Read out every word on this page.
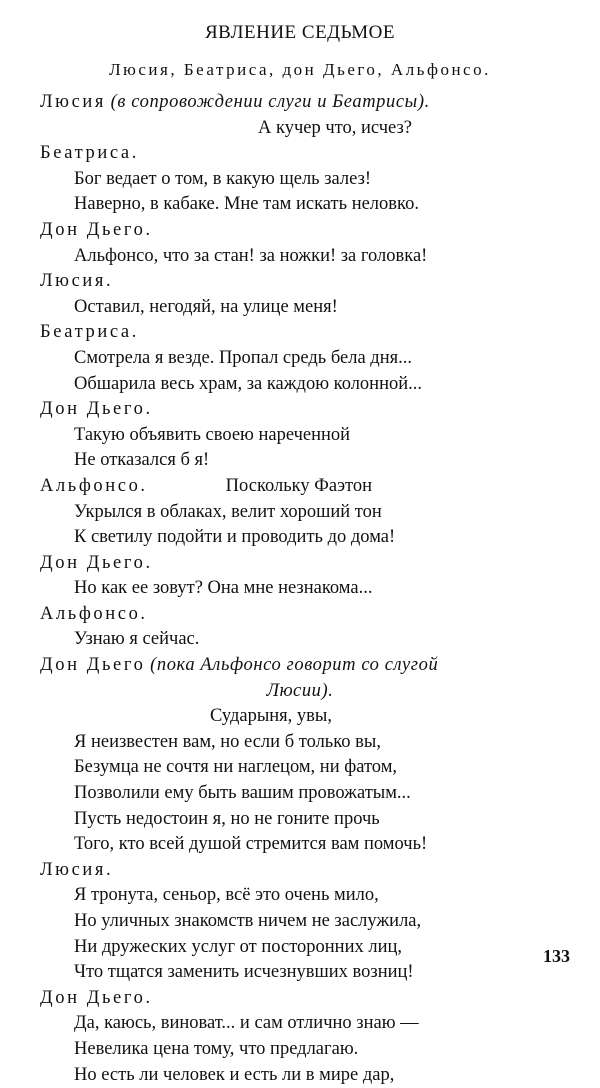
ЯВЛЕНИЕ СЕДЬМОЕ
Люсия, Беатриса, дон Дьего, Альфонсо.
Люсия (в сопровождении слуги и Беатрисы).
А кучер что, исчез?
Беатриса.
Бог ведает о том, в какую щель залез!
Наверно, в кабаке. Мне там искать неловко.
Дон Дьего.
Альфонсо, что за стан! за ножки! за головка!
Люсия.
Оставил, негодяй, на улице меня!
Беатриса.
Смотрела я везде. Пропал средь бела дня...
Обшарила весь храм, за каждою колонной...
Дон Дьего.
Такую объявить своею нареченной
Не отказался б я!
Альфонсо.	Поскольку Фаэтон
Укрылся в облаках, велит хороший тон
К светилу подойти и проводить до дома!
Дон Дьего.
Но как ее зовут? Она мне незнакома...
Альфонсо.
Узнаю я сейчас.
Дон Дьего (пока Альфонсо говорит со слугой
Люсии).
Сударыня, увы,
Я неизвестен вам, но если б только вы,
Безумца не сочтя ни наглецом, ни фатом,
Позволили ему быть вашим провожатым...
Пусть недостоин я, но не гоните прочь
Того, кто всей душой стремится вам помочь!
Люсия.
Я тронута, сеньор, всё это очень мило,
Но уличных знакомств ничем не заслужила,
Ни дружеских услуг от посторонних лиц,
Что тщатся заменить исчезнувших возниц!
Дон Дьего.
Да, каюсь, виноват... и сам отлично знаю —
Невелика цена тому, что предлагаю.
Но есть ли человек и есть ли в мире дар,
133
